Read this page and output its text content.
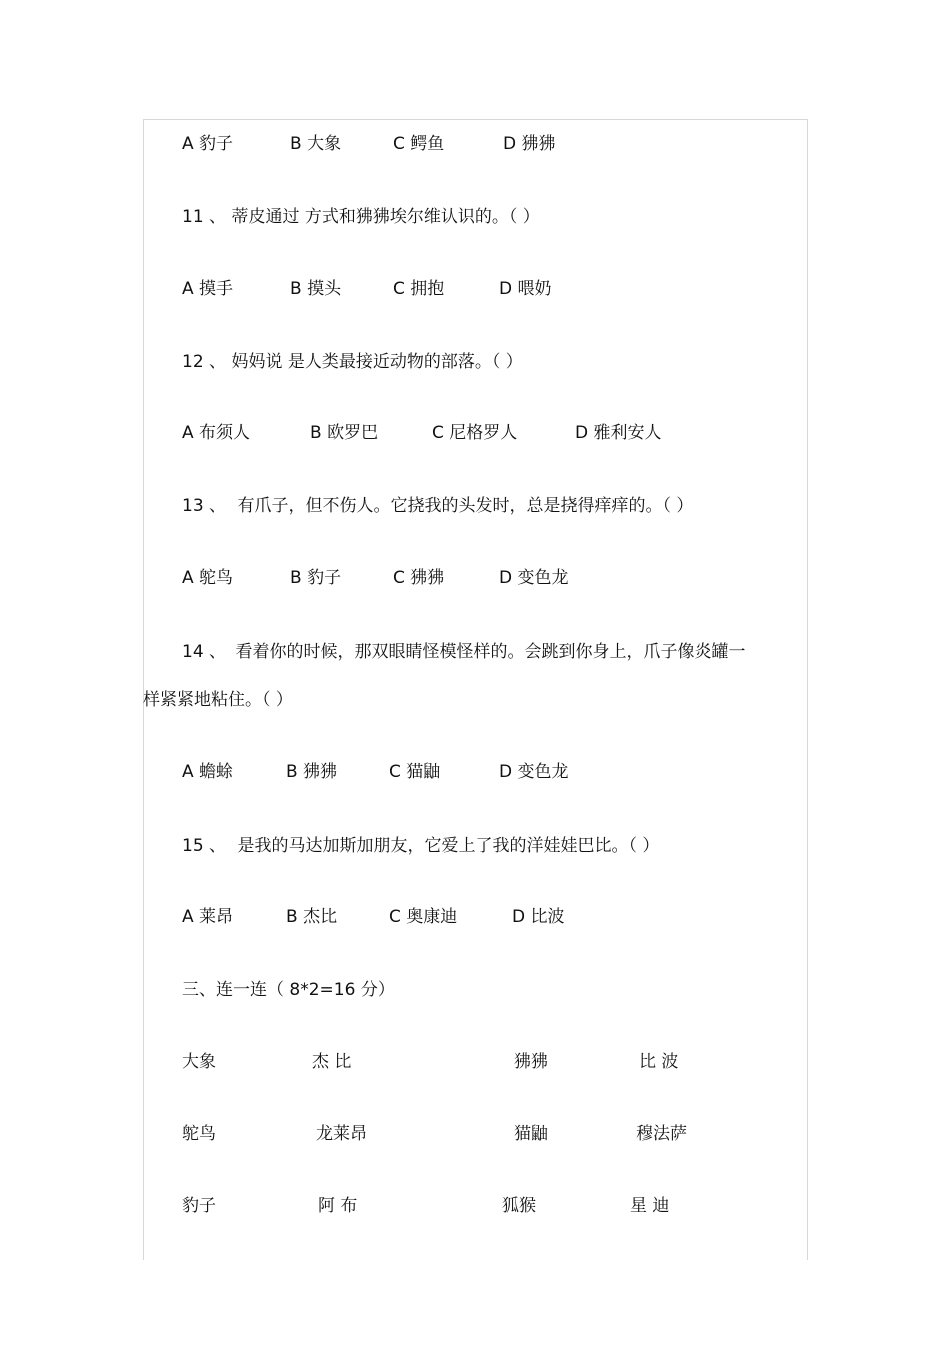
A 豹子	B 大象	C 鳄鱼	D 狒狒
11 、 蒂皮通过 方式和狒狒埃尔维认识的。（ ）
A 摸手	B 摸头	C 拥抱	D 喂奶
12 、 妈妈说 是人类最接近动物的部落。（ ）
A 布须人	B 欧罗巴	C 尼格罗人	D 雅利安人
13 、 有爪子，但不伤人。它挠我的头发时，总是挠得痒痒的。（ ）
A 鸵鸟	B 豹子	C 狒狒	D 变色龙
14 、 看着你的时候，那双眼睛怪模怪样的。会跳到你身上，爪子像炎罐一
样紧紧地粘住。（ ）
A 蟾蜍	B 狒狒	C 猫鼬	D 变色龙
15 、 是我的马达加斯加朋友，它爱上了我的洋娃娃巴比。（ ）
A 莱昂	B 杰比	C 奥康迪	D 比波
三、连一连（ 8*2=16 分）
大象	杰 比	狒狒	比 波
鸵鸟	龙莱昂	猫鼬	穆法萨
豹子	阿 布	狐猴	星 迪
